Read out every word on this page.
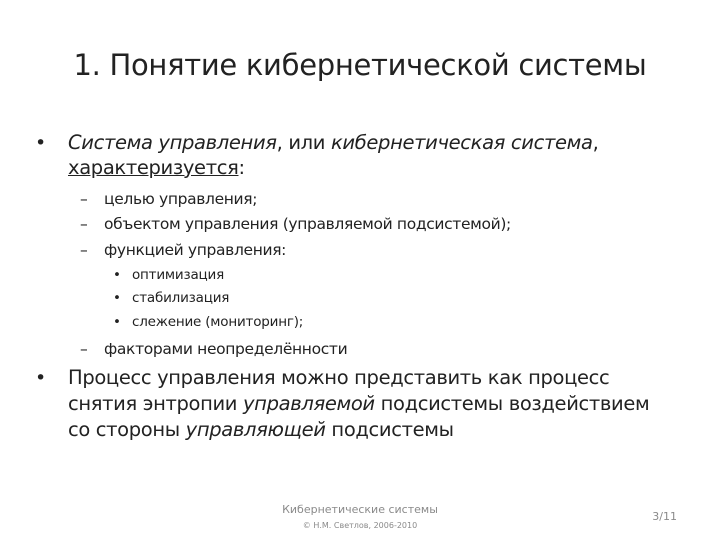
1. Понятие кибернетической системы
• Система управления, или кибернетическая система,
характеризуется:
– целью управления;
– объектом управления (управляемой подсистемой);
– функцией управления:
• оптимизация
• стабилизация
• слежение (мониторинг);
– факторами неопределённости
• Процесс управления можно представить как процесс
снятия энтропии управляемой подсистемы воздействием
со стороны управляющей подсистемы
Кибернетические системы
© Н.М. Светлов, 2006-2010
3/11
